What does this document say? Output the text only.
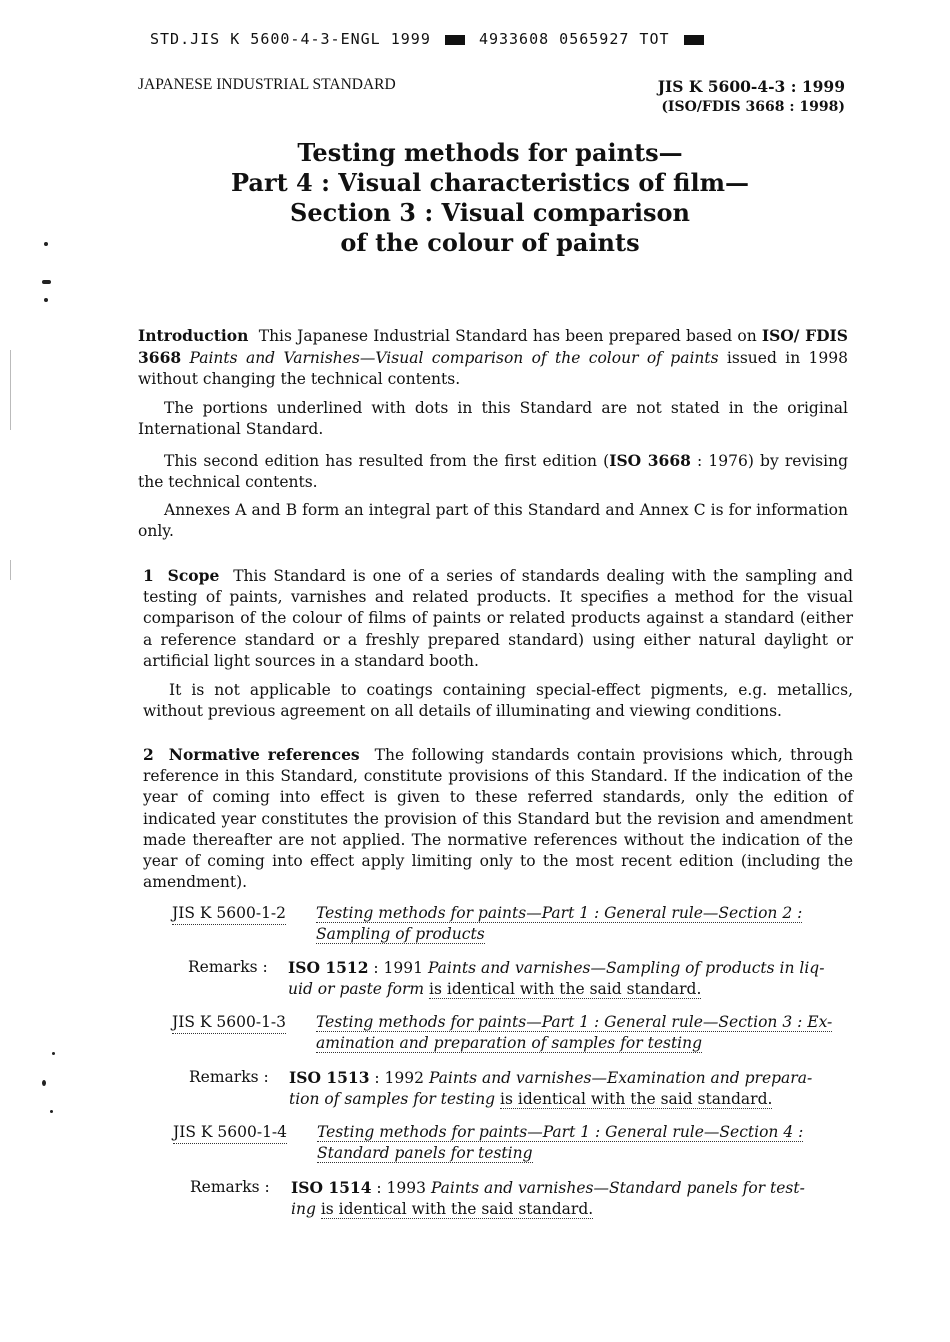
STD.JIS K 5600-4-3-ENGL 1999	4933608 0565927 TOT
JAPANESE INDUSTRIAL STANDARD	JIS K 5600-4-3 : 1999
(ISO/FDIS 3668 : 1998)
Testing methods for paints—
Part 4 : Visual characteristics of film—
Section 3 : Visual comparison
of the colour of paints
Introduction This Japanese Industrial Standard has been prepared based on ISO/ FDIS 3668 Paints and Varnishes—Visual comparison of the colour of paints issued in 1998 without changing the technical contents.
The portions underlined with dots in this Standard are not stated in the original International Standard.
This second edition has resulted from the first edition (ISO 3668 : 1976) by revising the technical contents.
Annexes A and B form an integral part of this Standard and Annex C is for information only.
1 Scope This Standard is one of a series of standards dealing with the sampling and testing of paints, varnishes and related products. It specifies a method for the visual comparison of the colour of films of paints or related products against a standard (either a reference standard or a freshly prepared standard) using either natural daylight or artificial light sources in a standard booth.
It is not applicable to coatings containing special-effect pigments, e.g. metallics, without previous agreement on all details of illuminating and viewing conditions.
2 Normative references The following standards contain provisions which, through reference in this Standard, constitute provisions of this Standard. If the indication of the year of coming into effect is given to these referred standards, only the edition of indicated year constitutes the provision of this Standard but the revision and amendment made thereafter are not applied. The normative references without the indication of the year of coming into effect apply limiting only to the most recent edition (including the amendment).
JIS K 5600-1-2 Testing methods for paints—Part 1 : General rule—Section 2 :
Sampling of products
Remarks : ISO 1512 : 1991 Paints and varnishes—Sampling of products in liq-
uid or paste form is identical with the said standard.
JIS K 5600-1-3 Testing methods for paints—Part 1 : General rule—Section 3 : Ex-
amination and preparation of samples for testing
Remarks : ISO 1513 : 1992 Paints and varnishes—Examination and prepara-
tion of samples for testing is identical with the said standard.
JIS K 5600-1-4 Testing methods for paints—Part 1 : General rule—Section 4 :
Standard panels for testing
Remarks : ISO 1514 : 1993 Paints and varnishes—Standard panels for test-
ing is identical with the said standard.
